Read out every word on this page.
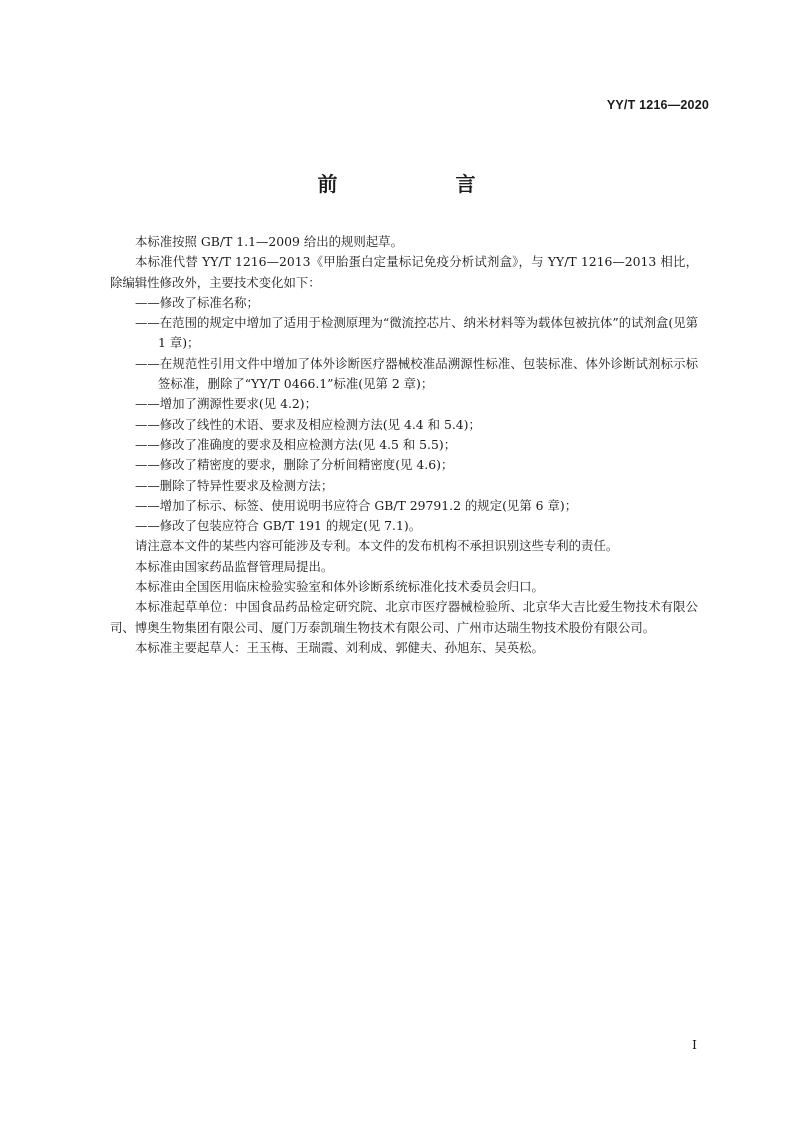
YY/T 1216—2020
前　　言

本标准按照 GB/T 1.1—2009 给出的规则起草。

本标准代替 YY/T 1216—2013《甲胎蛋白定量标记免疫分析试剂盒》，与 YY/T 1216—2013 相比，除编辑性修改外，主要技术变化如下：

——修改了标准名称；

——在范围的规定中增加了适用于检测原理为“微流控芯片、纳米材料等为载体包被抗体”的试剂盒(见第 1 章)；

——在规范性引用文件中增加了体外诊断医疗器械校准品溯源性标准、包装标准、体外诊断试剂标示标签标准，删除了“YY/T 0466.1”标准(见第 2 章)；

——增加了溯源性要求(见 4.2)；

——修改了线性的术语、要求及相应检测方法(见 4.4 和 5.4)；

——修改了准确度的要求及相应检测方法(见 4.5 和 5.5)；

——修改了精密度的要求，删除了分析间精密度(见 4.6)；

——删除了特异性要求及检测方法；

——增加了标示、标签、使用说明书应符合 GB/T 29791.2 的规定(见第 6 章)；

——修改了包装应符合 GB/T 191 的规定(见 7.1)。

请注意本文件的某些内容可能涉及专利。本文件的发布机构不承担识别这些专利的责任。

本标准由国家药品监督管理局提出。

本标准由全国医用临床检验实验室和体外诊断系统标准化技术委员会归口。

本标准起草单位：中国食品药品检定研究院、北京市医疗器械检验所、北京华大吉比爱生物技术有限公司、博奥生物集团有限公司、厦门万泰凯瑞生物技术有限公司、广州市达瑞生物技术股份有限公司。

本标准主要起草人：王玉梅、王瑞霞、刘利成、郭健夫、孙旭东、吴英松。

I
